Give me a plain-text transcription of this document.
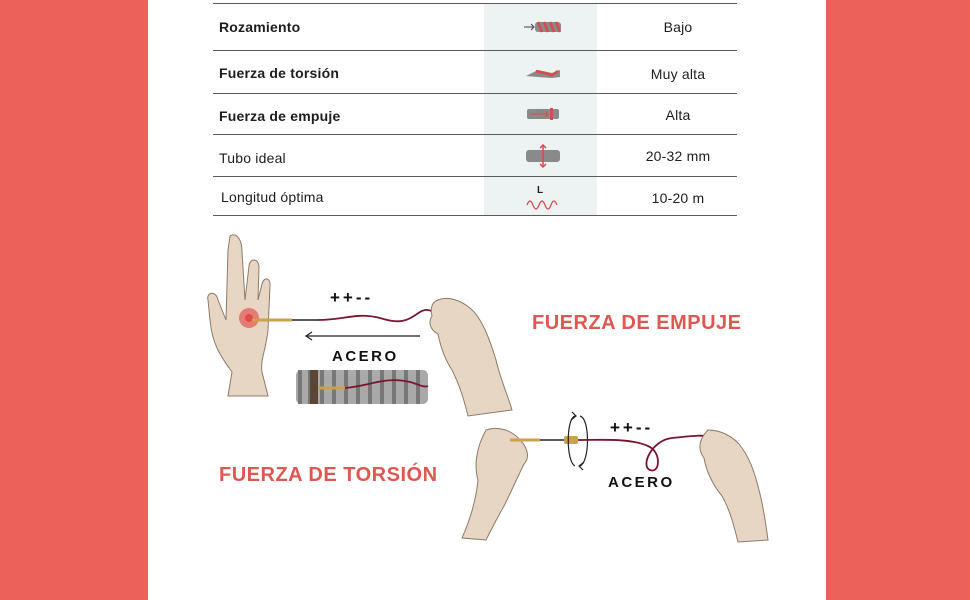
Rozamiento	Bajo
Fuerza de torsión	Muy alta
Fuerza de empuje	Alta
Tubo ideal	20-32 mm
Longitud óptima	10-20 m
L
++--
ACERO
FUERZA DE EMPUJE
++--
ACERO
FUERZA DE TORSIÓN
